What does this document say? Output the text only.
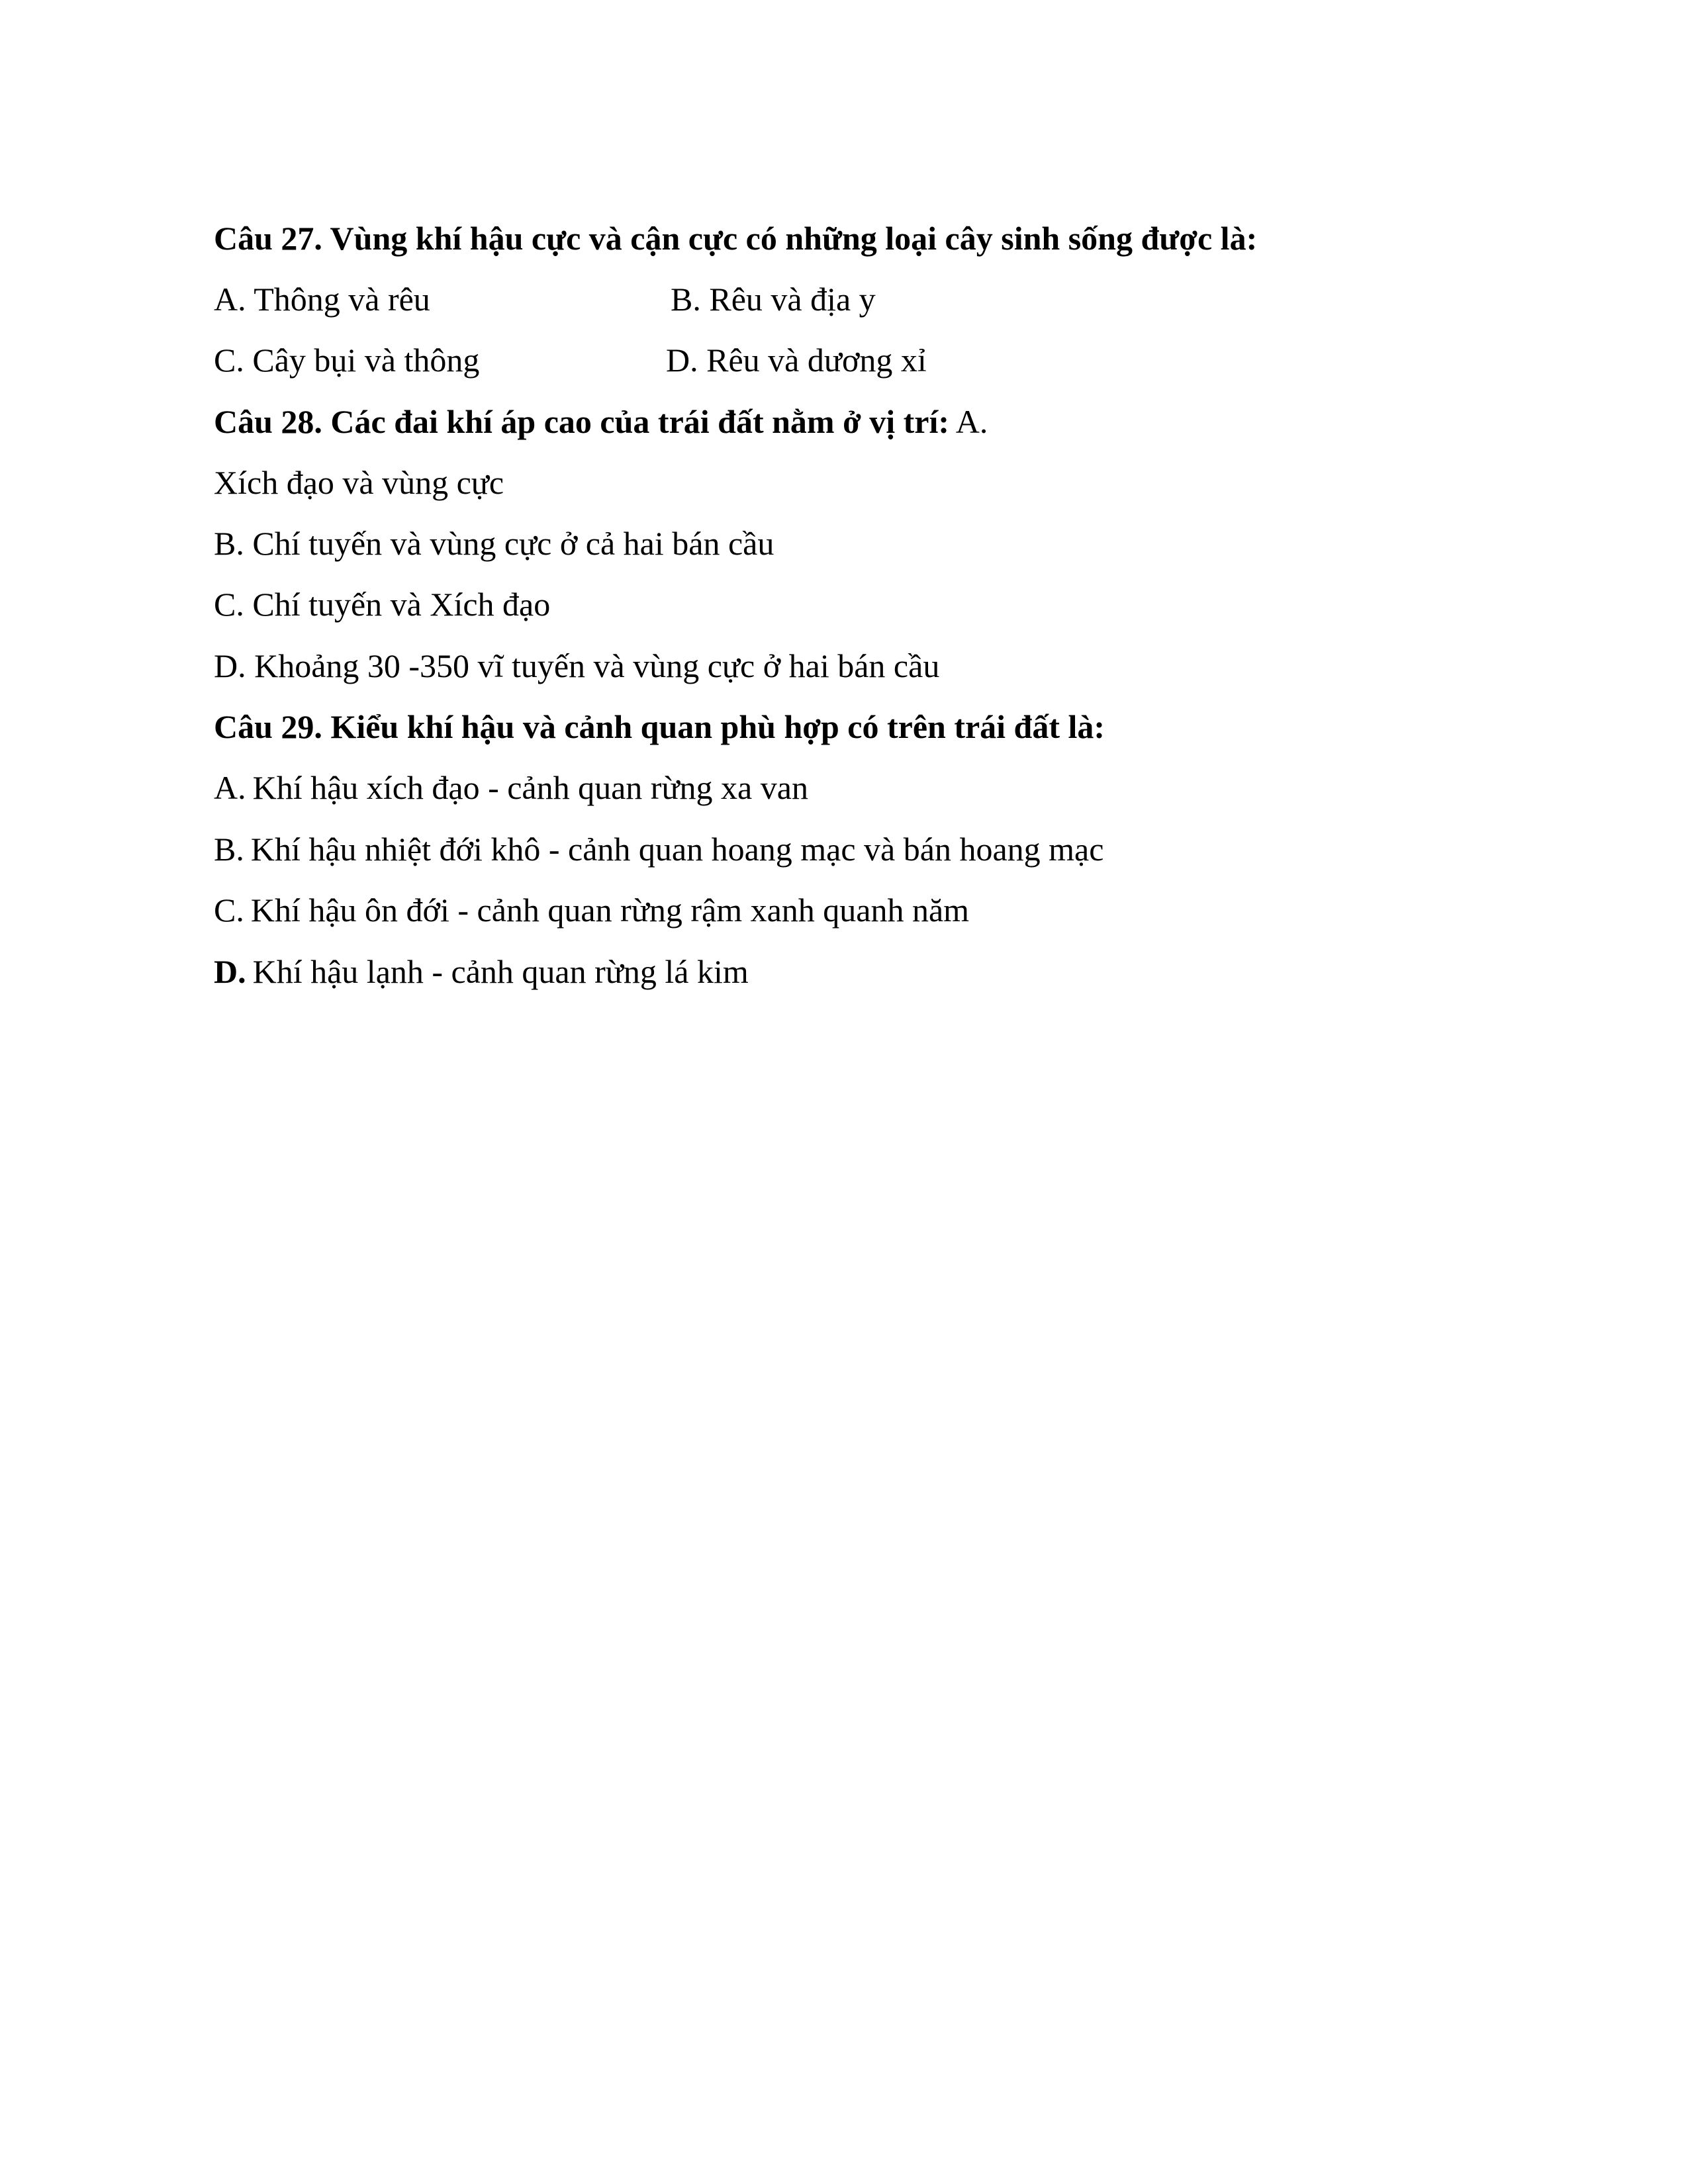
Câu 27. Vùng khí hậu cực và cận cực có những loại cây sinh sống được là:
A. Thông và rêu	B. Rêu và địa y
C. Cây bụi và thông	D. Rêu và dương xỉ
Câu 28. Các đai khí áp cao của trái đất nằm ở vị trí: A.
Xích đạo và vùng cực
B. Chí tuyến và vùng cực ở cả hai bán cầu
C. Chí tuyến và Xích đạo
D. Khoảng 30 -350 vĩ tuyến và vùng cực ở hai bán cầu
Câu 29. Kiểu khí hậu và cảnh quan phù hợp có trên trái đất là:
A. Khí hậu xích đạo - cảnh quan rừng xa van
B. Khí hậu nhiệt đới khô - cảnh quan hoang mạc và bán hoang mạc
C. Khí hậu ôn đới - cảnh quan rừng rậm xanh quanh năm
D. Khí hậu lạnh - cảnh quan rừng lá kim
